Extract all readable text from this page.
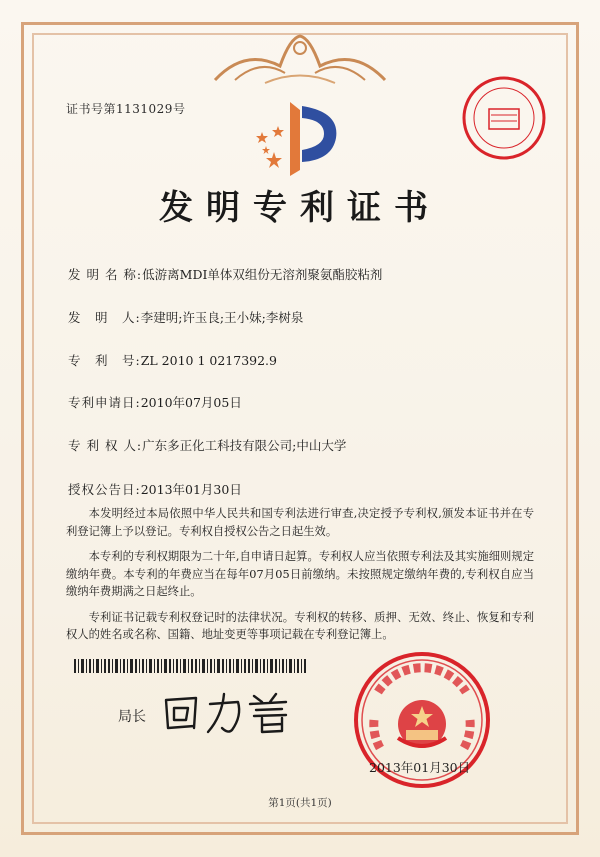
证书号第1131029号
发明专利证书
发 明 名 称:低游离MDI单体双组份无溶剂聚氨酯胶粘剂
发　明　人:李建明;许玉良;王小妹;李树泉
专　利　号:ZL 2010 1 0217392.9
专利申请日:2010年07月05日
专 利 权 人:广东多正化工科技有限公司;中山大学
授权公告日:2013年01月30日

本发明经过本局依照中华人民共和国专利法进行审查,决定授予专利权,颁发本证书并在专利登记簿上予以登记。专利权自授权公告之日起生效。

本专利的专利权期限为二十年,自申请日起算。专利权人应当依照专利法及其实施细则规定缴纳年费。本专利的年费应当在每年07月05日前缴纳。未按照规定缴纳年费的,专利权自应当缴纳年费期满之日起终止。

专利证书记载专利权登记时的法律状况。专利权的转移、质押、无效、终止、恢复和专利权人的姓名或名称、国籍、地址变更等事项记载在专利登记簿上。

局长
2013年01月30日
第1页(共1页)
